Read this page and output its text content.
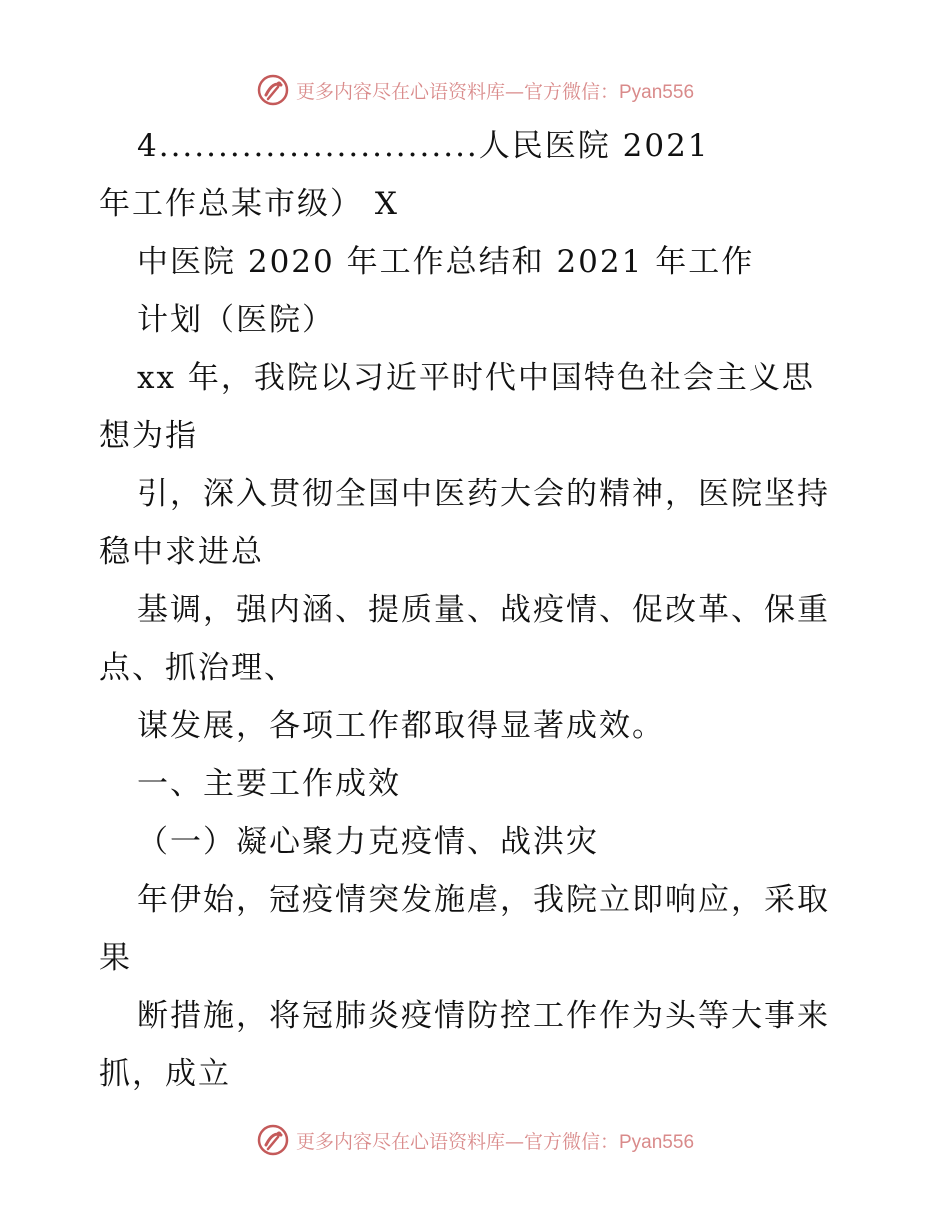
更多内容尽在心语资料库—官方微信：Pyan556
4...........................人民医院 2021
年工作总某市级） X
中医院 2020 年工作总结和 2021 年工作
计划（医院）
xx 年，我院以习近平时代中国特色社会主义思
想为指
引，深入贯彻全国中医药大会的精神，医院坚持
稳中求进总
基调，强内涵、提质量、战疫情、促改革、保重
点、抓治理、
谋发展，各项工作都取得显著成效。
一、主要工作成效
（一）凝心聚力克疫情、战洪灾
年伊始，冠疫情突发施虐，我院立即响应，采取
果
断措施，将冠肺炎疫情防控工作作为头等大事来
抓，成立
更多内容尽在心语资料库—官方微信：Pyan556
